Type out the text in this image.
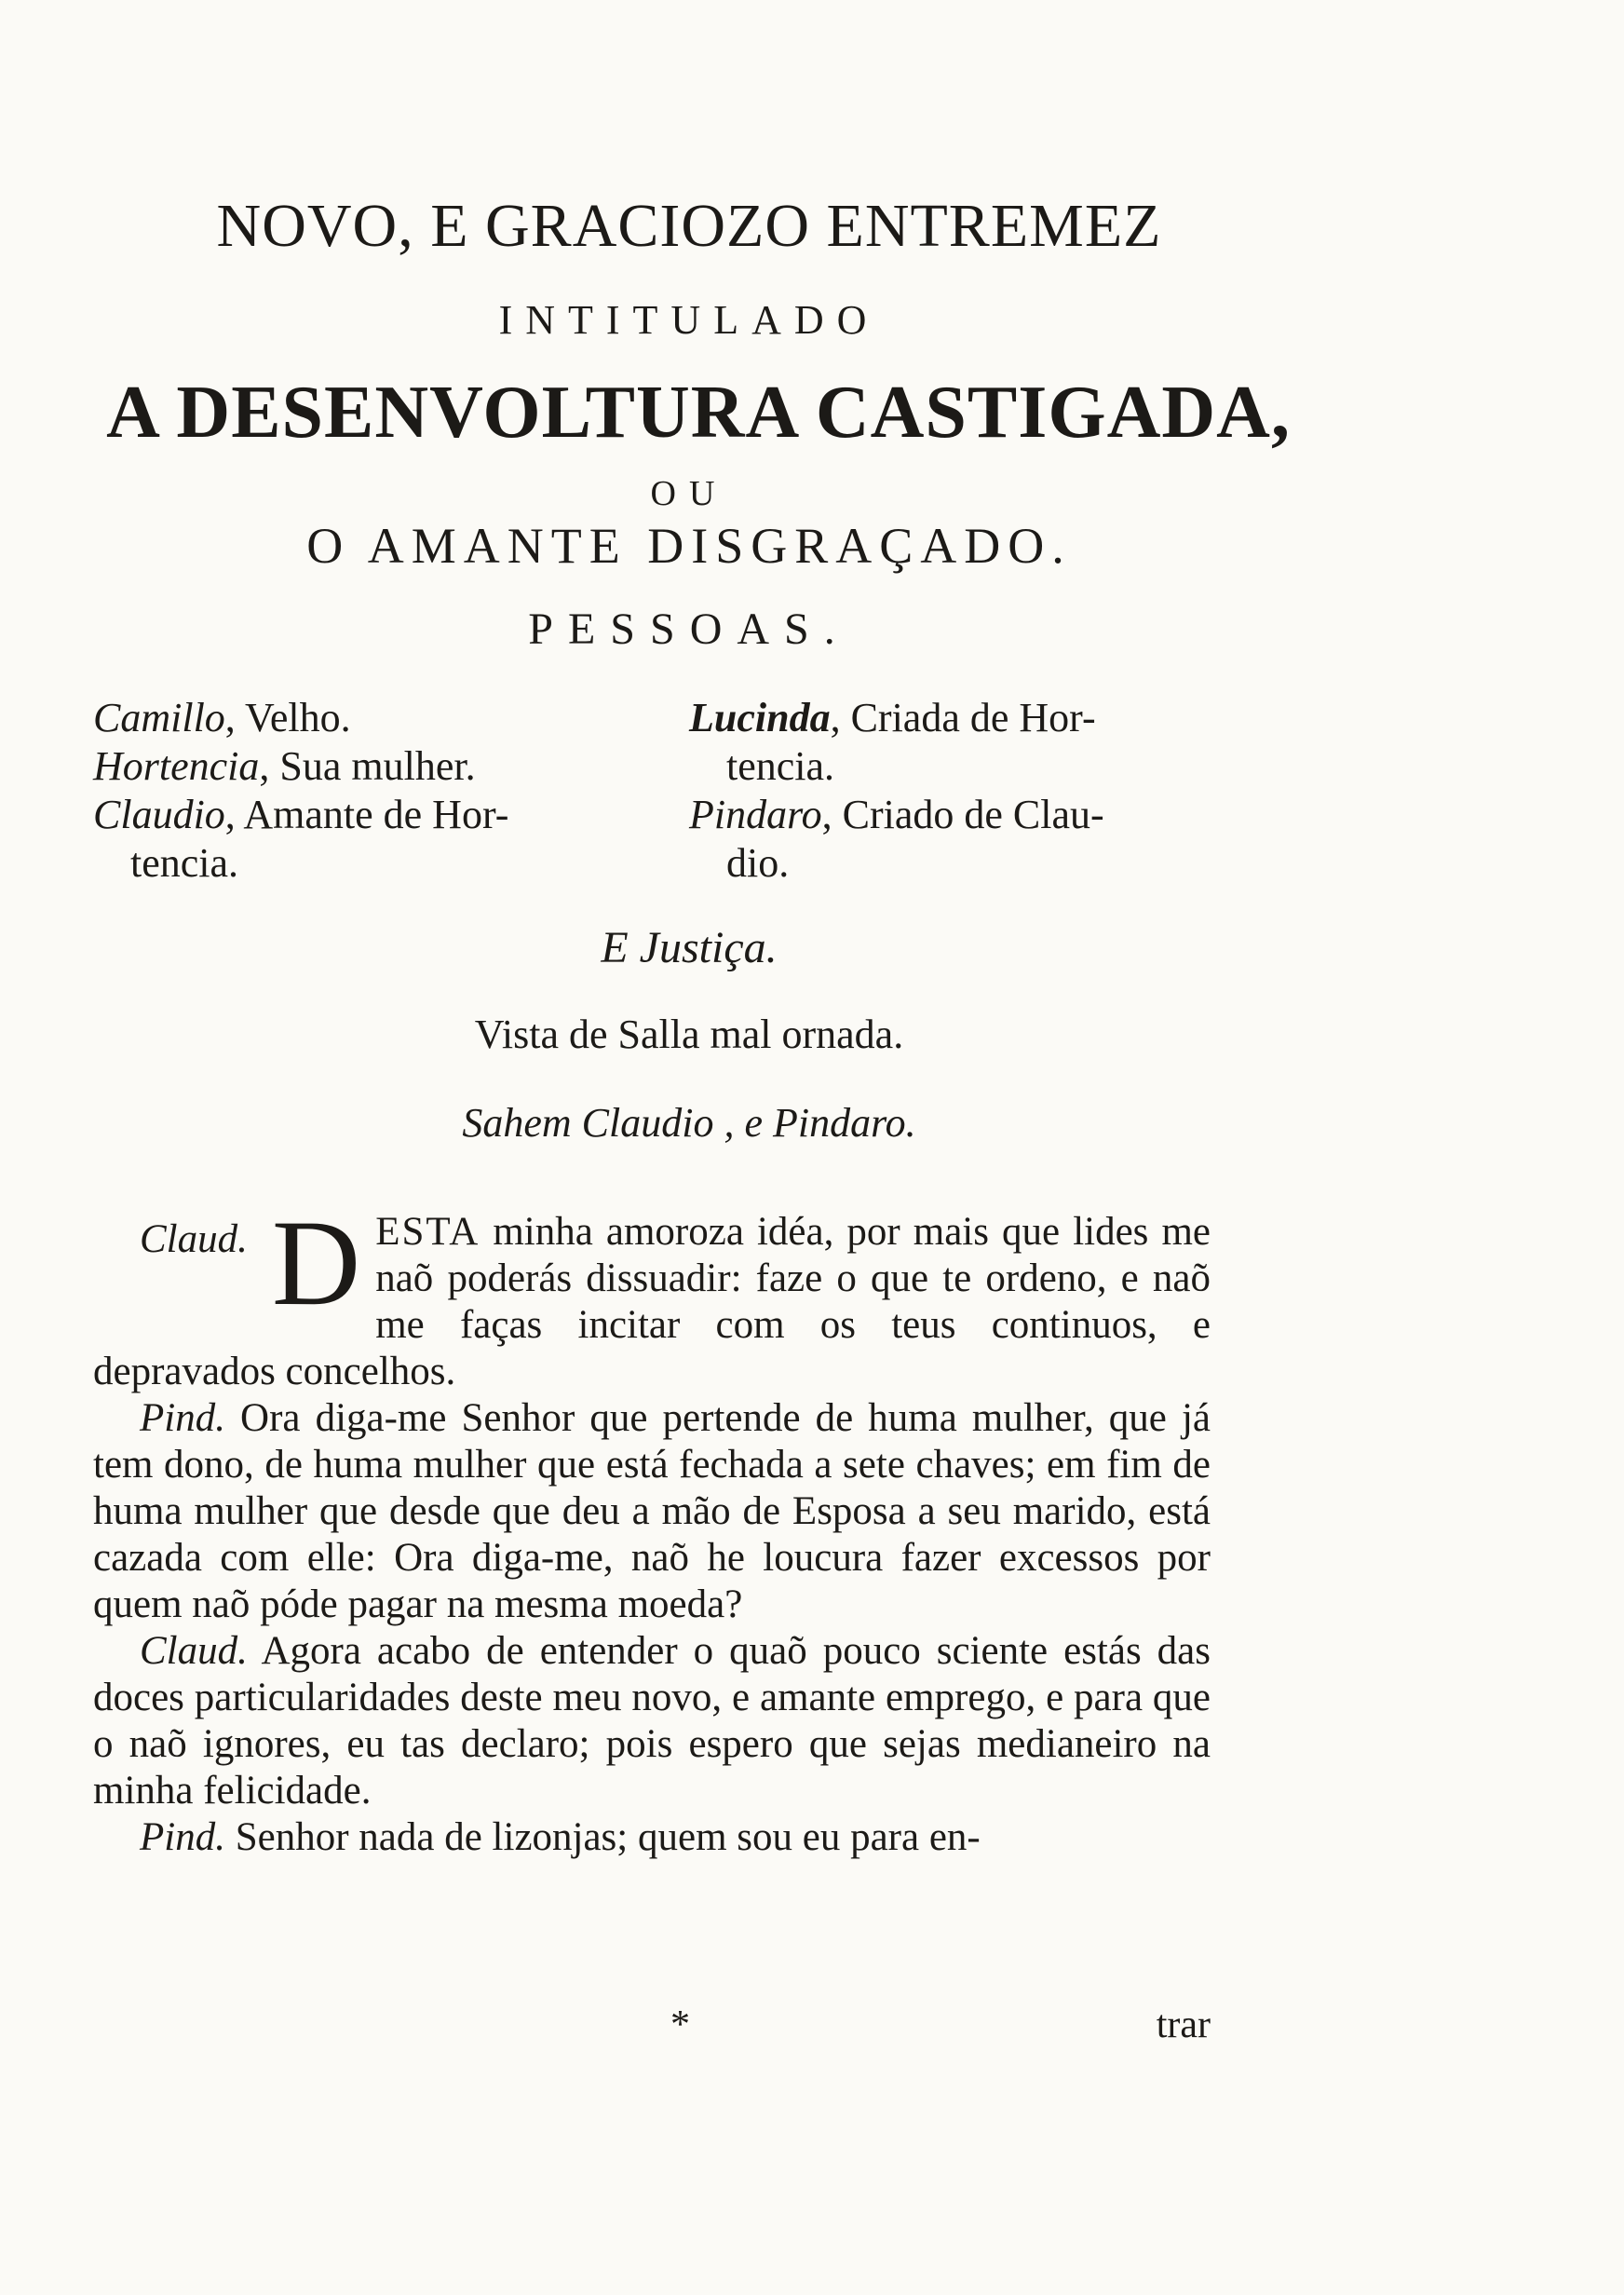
NOVO, E GRACIOZO ENTREMEZ
INTITULADO
A DESENVOLTURA CASTIGADA,
OU
O AMANTE DISGRAÇADO.
PESSOAS.
Camillo, Velho.
Hortencia, Sua mulher.
Claudio, Amante de Hor-
tencia.
Lucinda, Criada de Hor-
tencia.
Pindaro, Criado de Clau-
dio.
E Justiça.
Vista de Salla mal ornada.
Sahem Claudio , e Pindaro.

Claud. D ESTA minha amoroza idéa, por mais que lides me naõ poderás dissuadir: faze o que te ordeno, e naõ me faças incitar com os teus continuos, e depravados concelhos.

Pind. Ora diga-me Senhor que pertende de huma mulher, que já tem dono, de huma mulher que está fechada a sete chaves; em fim de huma mulher que desde que deu a mão de Esposa a seu marido, está cazada com elle: Ora diga-me, naõ he loucura fazer excessos por quem naõ póde pagar na mesma moeda?

Claud. Agora acabo de entender o quaõ pouco sciente estás das doces particularidades deste meu novo, e amante emprego, e para que o naõ ignores, eu tas declaro; pois espero que sejas medianeiro na minha felicidade.

Pind. Senhor nada de lizonjas; quem sou eu para en-

*	trar
